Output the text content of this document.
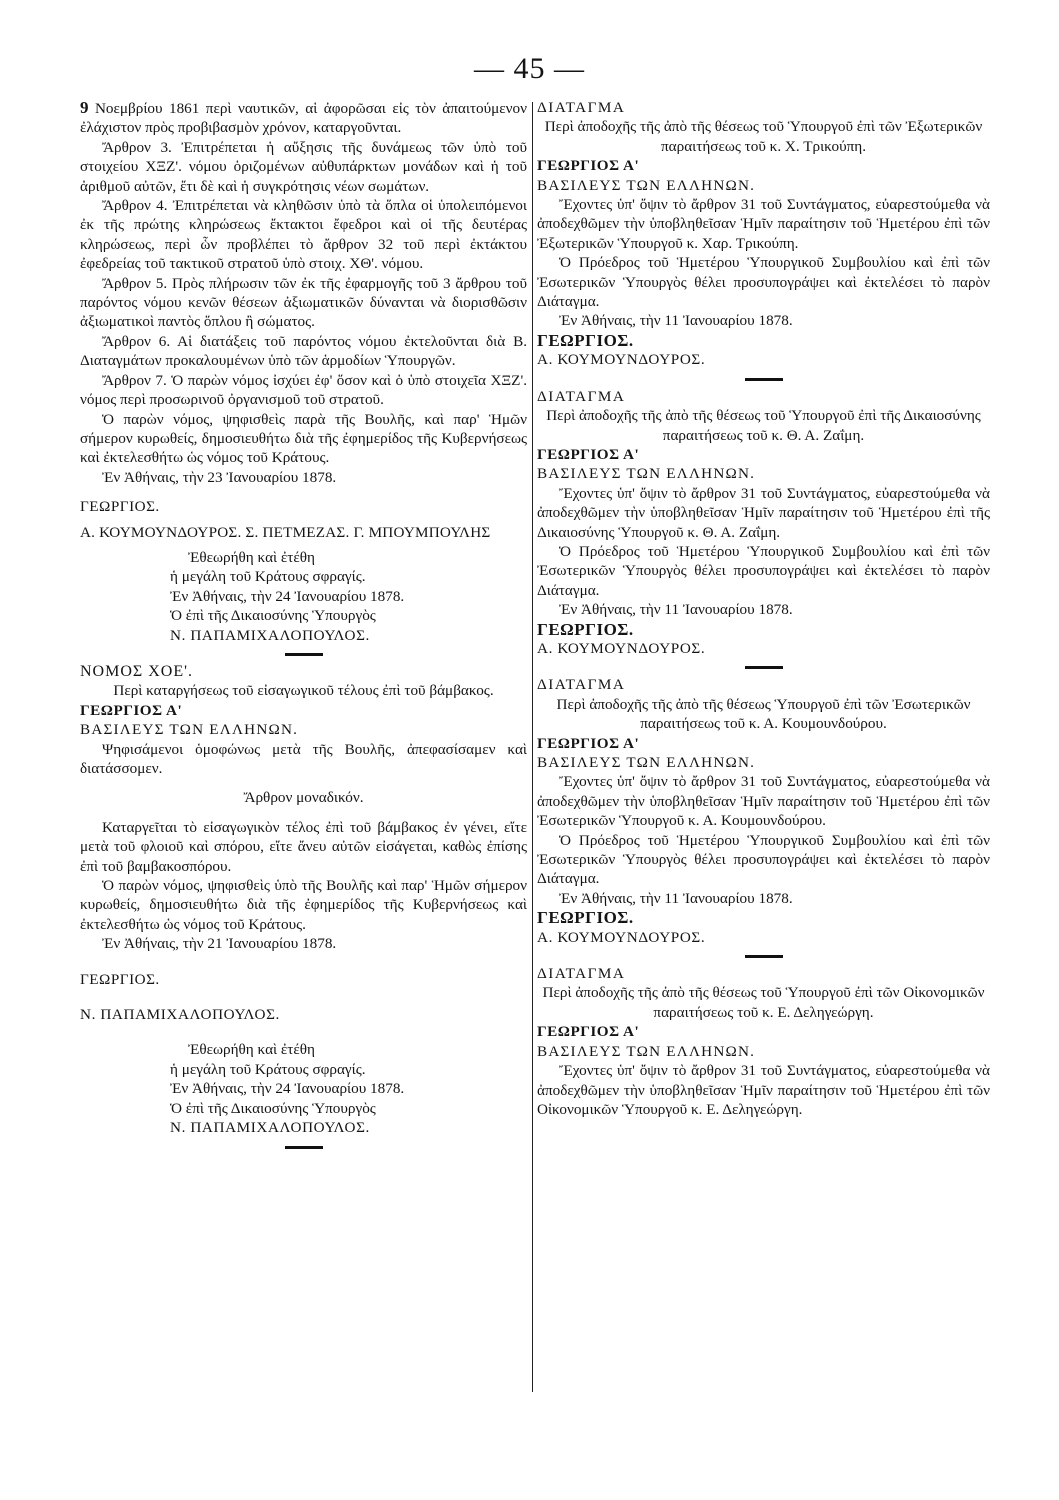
— 45 —

9 Νοεμβρίου 1861 περὶ ναυτικῶν, αἱ ἀφορῶσαι εἰς τὸν ἀπαιτούμενον ἐλάχιστον πρὸς προβιβασμὸν χρόνον, καταργοῦνται.

Ἄρθρον 3. Ἐπιτρέπεται ἡ αὔξησις τῆς δυνάμεως τῶν ὑπὸ τοῦ στοιχείου ΧΞΖ'. νόμου ὁριζομένων αὐθυπάρκτων μονάδων καὶ ἡ τοῦ ἀριθμοῦ αὐτῶν, ἔτι δὲ καὶ ἡ συγκρότησις νέων σωμάτων.

Ἄρθρον 4. Ἐπιτρέπεται νὰ κληθῶσιν ὑπὸ τὰ ὅπλα οἱ ὑπολειπόμενοι ἐκ τῆς πρώτης κληρώσεως ἔκτακτοι ἔφεδροι καὶ οἱ τῆς δευτέρας κληρώσεως, περὶ ὧν προβλέπει τὸ ἄρθρον 32 τοῦ περὶ ἐκτάκτου ἐφεδρείας τοῦ τακτικοῦ στρατοῦ ὑπὸ στοιχ. ΧΘ'. νόμου.

Ἄρθρον 5. Πρὸς πλήρωσιν τῶν ἐκ τῆς ἐφαρμογῆς τοῦ 3 ἄρθρου τοῦ παρόντος νόμου κενῶν θέσεων ἀξιωματικῶν δύνανται νὰ διορισθῶσιν ἀξιωματικοὶ παντὸς ὅπλου ἢ σώματος.

Ἄρθρον 6. Αἱ διατάξεις τοῦ παρόντος νόμου ἐκτελοῦνται διὰ Β. Διαταγμάτων προκαλουμένων ὑπὸ τῶν ἁρμοδίων Ὑπουργῶν.

Ἄρθρον 7. Ὁ παρὼν νόμος ἰσχύει ἐφ' ὅσον καὶ ὁ ὑπὸ στοιχεῖα ΧΞΖ'. νόμος περὶ προσωρινοῦ ὀργανισμοῦ τοῦ στρατοῦ.

Ὁ παρὼν νόμος, ψηφισθεὶς παρὰ τῆς Βουλῆς, καὶ παρ' Ἡμῶν σήμερον κυρωθείς, δημοσιευθήτω διὰ τῆς ἐφημερίδος τῆς Κυβερνήσεως καὶ ἐκτελεσθήτω ὡς νόμος τοῦ Κράτους.

Ἐν Ἀθήναις, τὴν 23 Ἰανουαρίου 1878.

ΓΕΩΡΓΙΟΣ.

Α. ΚΟΥΜΟΥΝΔΟΥΡΟΣ. Σ. ΠΕΤΜΕΖΑΣ. Γ. ΜΠΟΥΜΠΟΥΛΗΣ

Ἐθεωρήθη καὶ ἐτέθη

ἡ μεγάλη τοῦ Κράτους σφραγίς.

Ἐν Ἀθήναις, τὴν 24 Ἰανουαρίου 1878.

Ὁ ἐπὶ τῆς Δικαιοσύνης Ὑπουργὸς

Ν. ΠΑΠΑΜΙΧΑΛΟΠΟΥΛΟΣ.

ΝΟΜΟΣ ΧΟΕ'.

Περὶ καταργήσεως τοῦ εἰσαγωγικοῦ τέλους ἐπὶ τοῦ βάμβακος.

ΓΕΩΡΓΙΟΣ Α'

ΒΑΣΙΛΕΥΣ ΤΩΝ ΕΛΛΗΝΩΝ.

Ψηφισάμενοι ὁμοφώνως μετὰ τῆς Βουλῆς, ἀπεφασίσαμεν καὶ διατάσσομεν.

Ἄρθρον μοναδικόν.

Καταργεῖται τὸ εἰσαγωγικὸν τέλος ἐπὶ τοῦ βάμβακος ἐν γένει, εἴτε μετὰ τοῦ φλοιοῦ καὶ σπόρου, εἴτε ἄνευ αὐτῶν εἰσάγεται, καθὼς ἐπίσης ἐπὶ τοῦ βαμβακοσπόρου.

Ὁ παρὼν νόμος, ψηφισθεὶς ὑπὸ τῆς Βουλῆς καὶ παρ' Ἡμῶν σήμερον κυρωθείς, δημοσιευθήτω διὰ τῆς ἐφημερίδος τῆς Κυβερνήσεως καὶ ἐκτελεσθήτω ὡς νόμος τοῦ Κράτους.

Ἐν Ἀθήναις, τὴν 21 Ἰανουαρίου 1878.

ΓΕΩΡΓΙΟΣ.

Ν. ΠΑΠΑΜΙΧΑΛΟΠΟΥΛΟΣ.

Ἐθεωρήθη καὶ ἐτέθη

ἡ μεγάλη τοῦ Κράτους σφραγίς.

Ἐν Ἀθήναις, τὴν 24 Ἰανουαρίου 1878.

Ὁ ἐπὶ τῆς Δικαιοσύνης Ὑπουργὸς

Ν. ΠΑΠΑΜΙΧΑΛΟΠΟΥΛΟΣ.

ΔΙΑΤΑΓΜΑ

Περὶ ἀποδοχῆς τῆς ἀπὸ τῆς θέσεως τοῦ Ὑπουργοῦ ἐπὶ τῶν Ἐξωτερικῶν παραιτήσεως τοῦ κ. Χ. Τρικούπη.

ΓΕΩΡΓΙΟΣ Α'

ΒΑΣΙΛΕΥΣ ΤΩΝ ΕΛΛΗΝΩΝ.

Ἔχοντες ὑπ' ὄψιν τὸ ἄρθρον 31 τοῦ Συντάγματος, εὐαρεστούμεθα νὰ ἀποδεχθῶμεν τὴν ὑποβληθεῖσαν Ἡμῖν παραίτησιν τοῦ Ἡμετέρου ἐπὶ τῶν Ἐξωτερικῶν Ὑπουργοῦ κ. Χαρ. Τρικούπη.

Ὁ Πρόεδρος τοῦ Ἡμετέρου Ὑπουργικοῦ Συμβουλίου καὶ ἐπὶ τῶν Ἐσωτερικῶν Ὑπουργὸς θέλει προσυπογράψει καὶ ἐκτελέσει τὸ παρὸν Διάταγμα.

Ἐν Ἀθήναις, τὴν 11 Ἰανουαρίου 1878.

ΓΕΩΡΓΙΟΣ.

Α. ΚΟΥΜΟΥΝΔΟΥΡΟΣ.

ΔΙΑΤΑΓΜΑ

Περὶ ἀποδοχῆς τῆς ἀπὸ τῆς θέσεως τοῦ Ὑπουργοῦ ἐπὶ τῆς Δικαιοσύνης παραιτήσεως τοῦ κ. Θ. Α. Ζαΐμη.

ΓΕΩΡΓΙΟΣ Α'

ΒΑΣΙΛΕΥΣ ΤΩΝ ΕΛΛΗΝΩΝ.

Ἔχοντες ὑπ' ὄψιν τὸ ἄρθρον 31 τοῦ Συντάγματος, εὐαρεστούμεθα νὰ ἀποδεχθῶμεν τὴν ὑποβληθεῖσαν Ἡμῖν παραίτησιν τοῦ Ἡμετέρου ἐπὶ τῆς Δικαιοσύνης Ὑπουργοῦ κ. Θ. Α. Ζαΐμη.

Ὁ Πρόεδρος τοῦ Ἡμετέρου Ὑπουργικοῦ Συμβουλίου καὶ ἐπὶ τῶν Ἐσωτερικῶν Ὑπουργὸς θέλει προσυπογράψει καὶ ἐκτελέσει τὸ παρὸν Διάταγμα.

Ἐν Ἀθήναις, τὴν 11 Ἰανουαρίου 1878.

ΓΕΩΡΓΙΟΣ.

Α. ΚΟΥΜΟΥΝΔΟΥΡΟΣ.

ΔΙΑΤΑΓΜΑ

Περὶ ἀποδοχῆς τῆς ἀπὸ τῆς θέσεως Ὑπουργοῦ ἐπὶ τῶν Ἐσωτερικῶν παραιτήσεως τοῦ κ. Α. Κουμουνδούρου.

ΓΕΩΡΓΙΟΣ Α'

ΒΑΣΙΛΕΥΣ ΤΩΝ ΕΛΛΗΝΩΝ.

Ἔχοντες ὑπ' ὄψιν τὸ ἄρθρον 31 τοῦ Συντάγματος, εὐαρεστούμεθα νὰ ἀποδεχθῶμεν τὴν ὑποβληθεῖσαν Ἡμῖν παραίτησιν τοῦ Ἡμετέρου ἐπὶ τῶν Ἐσωτερικῶν Ὑπουργοῦ κ. Α. Κουμουνδούρου.

Ὁ Πρόεδρος τοῦ Ἡμετέρου Ὑπουργικοῦ Συμβουλίου καὶ ἐπὶ τῶν Ἐσωτερικῶν Ὑπουργὸς θέλει προσυπογράψει καὶ ἐκτελέσει τὸ παρὸν Διάταγμα.

Ἐν Ἀθήναις, τὴν 11 Ἰανουαρίου 1878.

ΓΕΩΡΓΙΟΣ.

Α. ΚΟΥΜΟΥΝΔΟΥΡΟΣ.

ΔΙΑΤΑΓΜΑ

Περὶ ἀποδοχῆς τῆς ἀπὸ τῆς θέσεως τοῦ Ὑπουργοῦ ἐπὶ τῶν Οἰκονομικῶν παραιτήσεως τοῦ κ. Ε. Δεληγεώργη.

ΓΕΩΡΓΙΟΣ Α'

ΒΑΣΙΛΕΥΣ ΤΩΝ ΕΛΛΗΝΩΝ.

Ἔχοντες ὑπ' ὄψιν τὸ ἄρθρον 31 τοῦ Συντάγματος, εὐαρεστούμεθα νὰ ἀποδεχθῶμεν τὴν ὑποβληθεῖσαν Ἡμῖν παραίτησιν τοῦ Ἡμετέρου ἐπὶ τῶν Οἰκονομικῶν Ὑπουργοῦ κ. Ε. Δεληγεώργη.
